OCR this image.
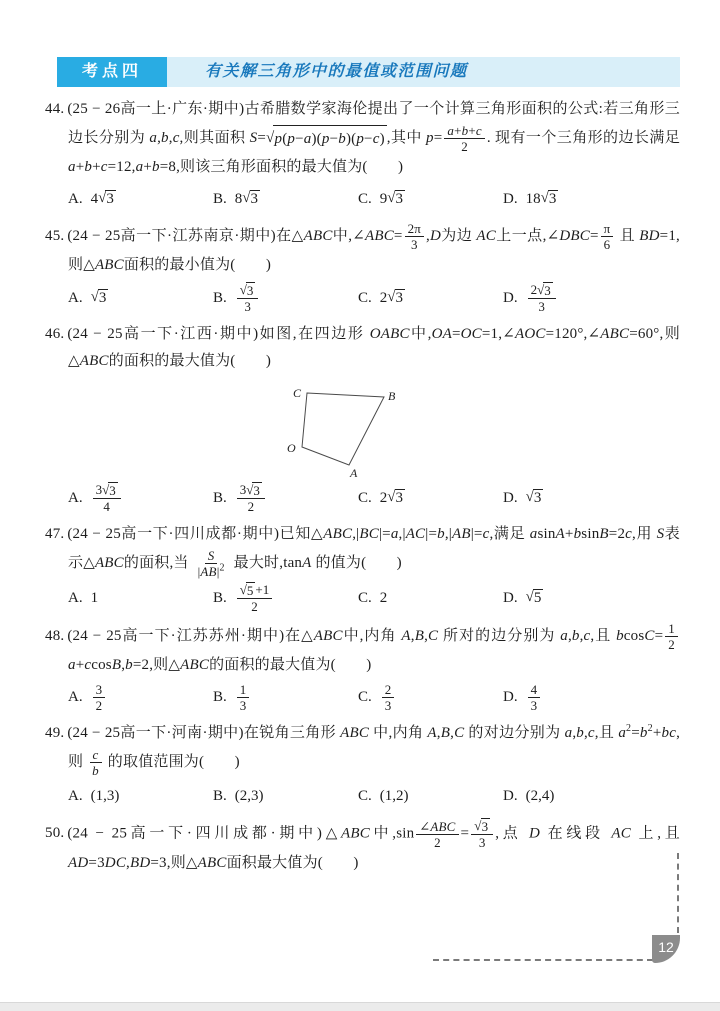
考点四	有关解三角形中的最值或范围问题
44. (25 − 26高一上·广东·期中)古希腊数学家海伦提出了一个计算三角形面积的公式:若三角形三边长分别为 a,b,c,则其面积 S= √ p(p−a)(p−b)(p−c) ,其中 $p= \frac{a+b+c}{2}$ . 现有一个三角形的边长满足 a+b+c=12,a+b=8,则该三角形面积的最大值为(　　)
A. 4 √ 3	B. 8 √ 3	C. 9 √ 3	D. 18 √ 3
45. (24 − 25高一下·江苏南京·期中)在△ABC中,∠ABC= $\frac{2\pi}{3} ,D$为边 AC上一点,∠DBC= $\frac{\pi}{6}$ 且 BD=1,则△ABC面积的最小值为(　　)
A. √ 3	B. $\frac{√ 3}{3}$	C. 2 √ 3	D. $\frac{2 √ 3}{3}$
46. (24 − 25高一下·江西·期中)如图,在四边形 OABC中,OA=OC=1,∠AOC=120°,∠ABC=60°,则△ABC的面积的最大值为(　　)
C	B
O
A
A. $\frac{3 √ 3}{4}$	B. $\frac{3 √ 3}{2}$	C. 2 √ 3	D. √ 3
47. (24 − 25高一下·四川成都·期中)已知△ABC,|BC|=a,|AC|=b,|AB|=c,满足 asinA+bsinB=2c,用 S表示△ABC的面积,当 $\frac{S}{|AB|^2}$ 最大时,tanA 的值为(　　)
A. 1	B. $\frac{√ 5 +1}{2}$	C. 2	D. √ 5
48. (24 − 25高一下·江苏苏州·期中)在△ABC中,内角 A,B,C 所对的边分别为 a,b,c,且 $bcosC= \frac{1}{2}$
a+ccosB,b=2,则△ABC的面积的最大值为(　　)
A. $\frac{3}{2}$	B. $\frac{1}{3}$	C. $\frac{2}{3}$	D. $\frac{4}{3}$
49. (24 − 25高一下·河南·期中)在锐角三角形 ABC 中,内角 A,B,C 的对边分别为 a,b,c,且 $a^2=b^2+bc$,则 $\frac{c}{b}$ 的取值范围为(　　)
A. (1,3)	B. (2,3)	C. (1,2)	D. (2,4)
50. (24 − 25高一下·四川成都·期中)△ABC中$,\sin \frac{\text{∠ABC}}{2} = \frac{√ 3}{3}$ ,点 D 在线段 AC 上,且 AD=3DC,BD=3,则△ABC面积最大值为(　　)
12
